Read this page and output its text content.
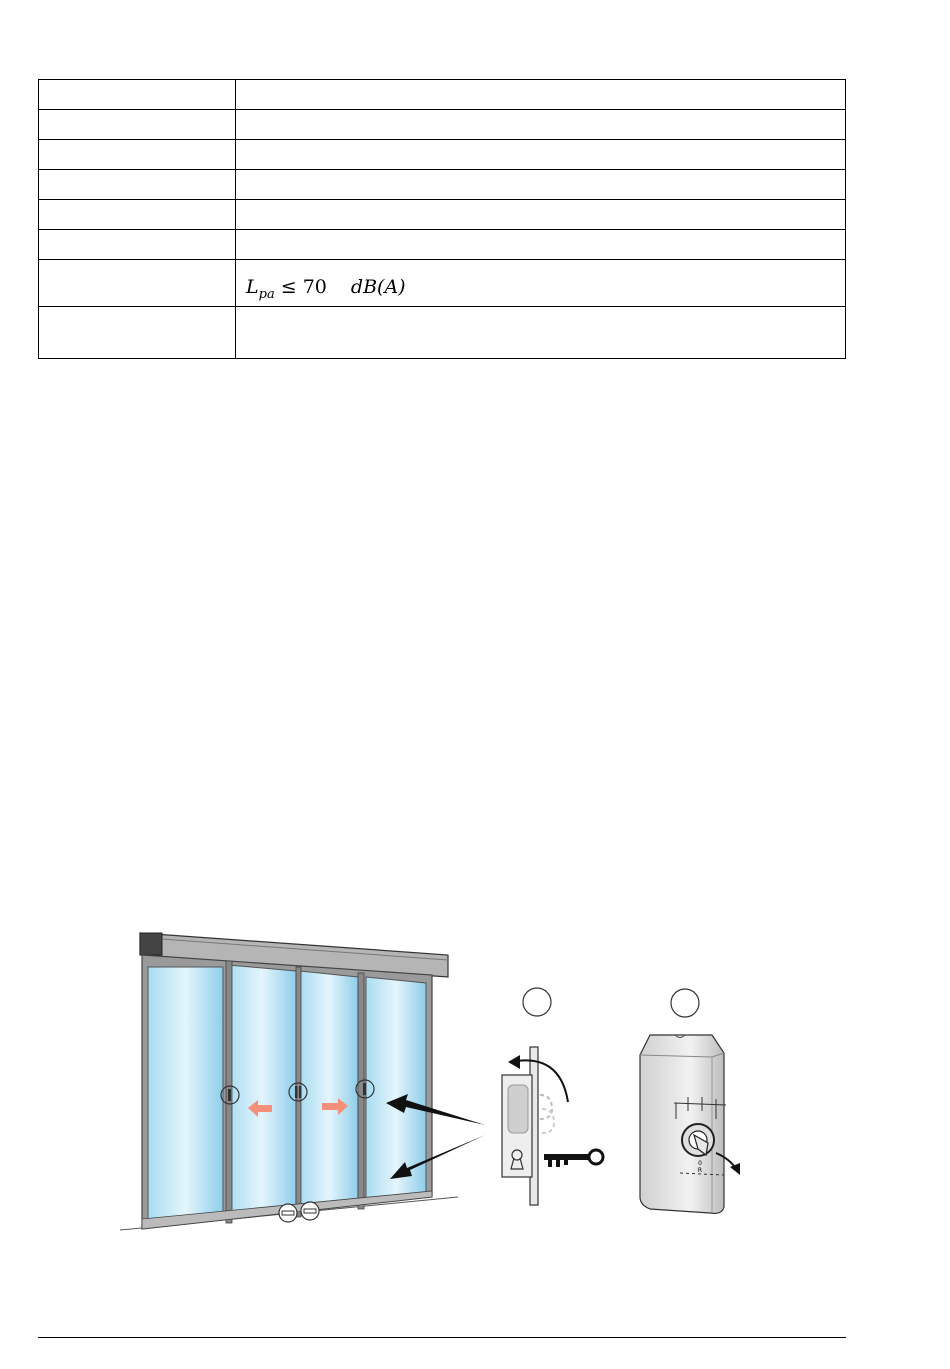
	$L_{pa} \le 70$ dB(A)

0
R
